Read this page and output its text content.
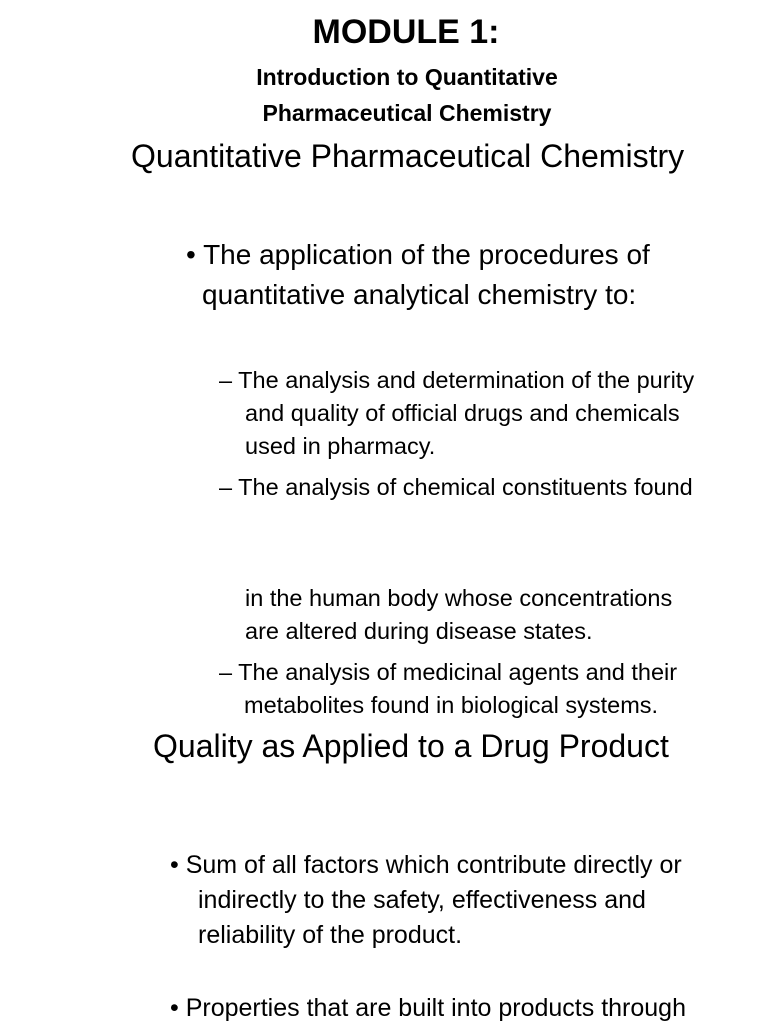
MODULE 1:

Introduction to Quantitative

Pharmaceutical Chemistry

Quantitative Pharmaceutical Chemistry

• The application of the procedures of

quantitative analytical chemistry to:

– The analysis and determination of the purity

and quality of official drugs and chemicals

used in pharmacy.

– The analysis of chemical constituents found

in the human body whose concentrations

are altered during disease states.

– The analysis of medicinal agents and their

metabolites found in biological systems.

Quality as Applied to a Drug Product

• Sum of all factors which contribute directly or

indirectly to the safety, effectiveness and

reliability of the product.

• Properties that are built into products through
